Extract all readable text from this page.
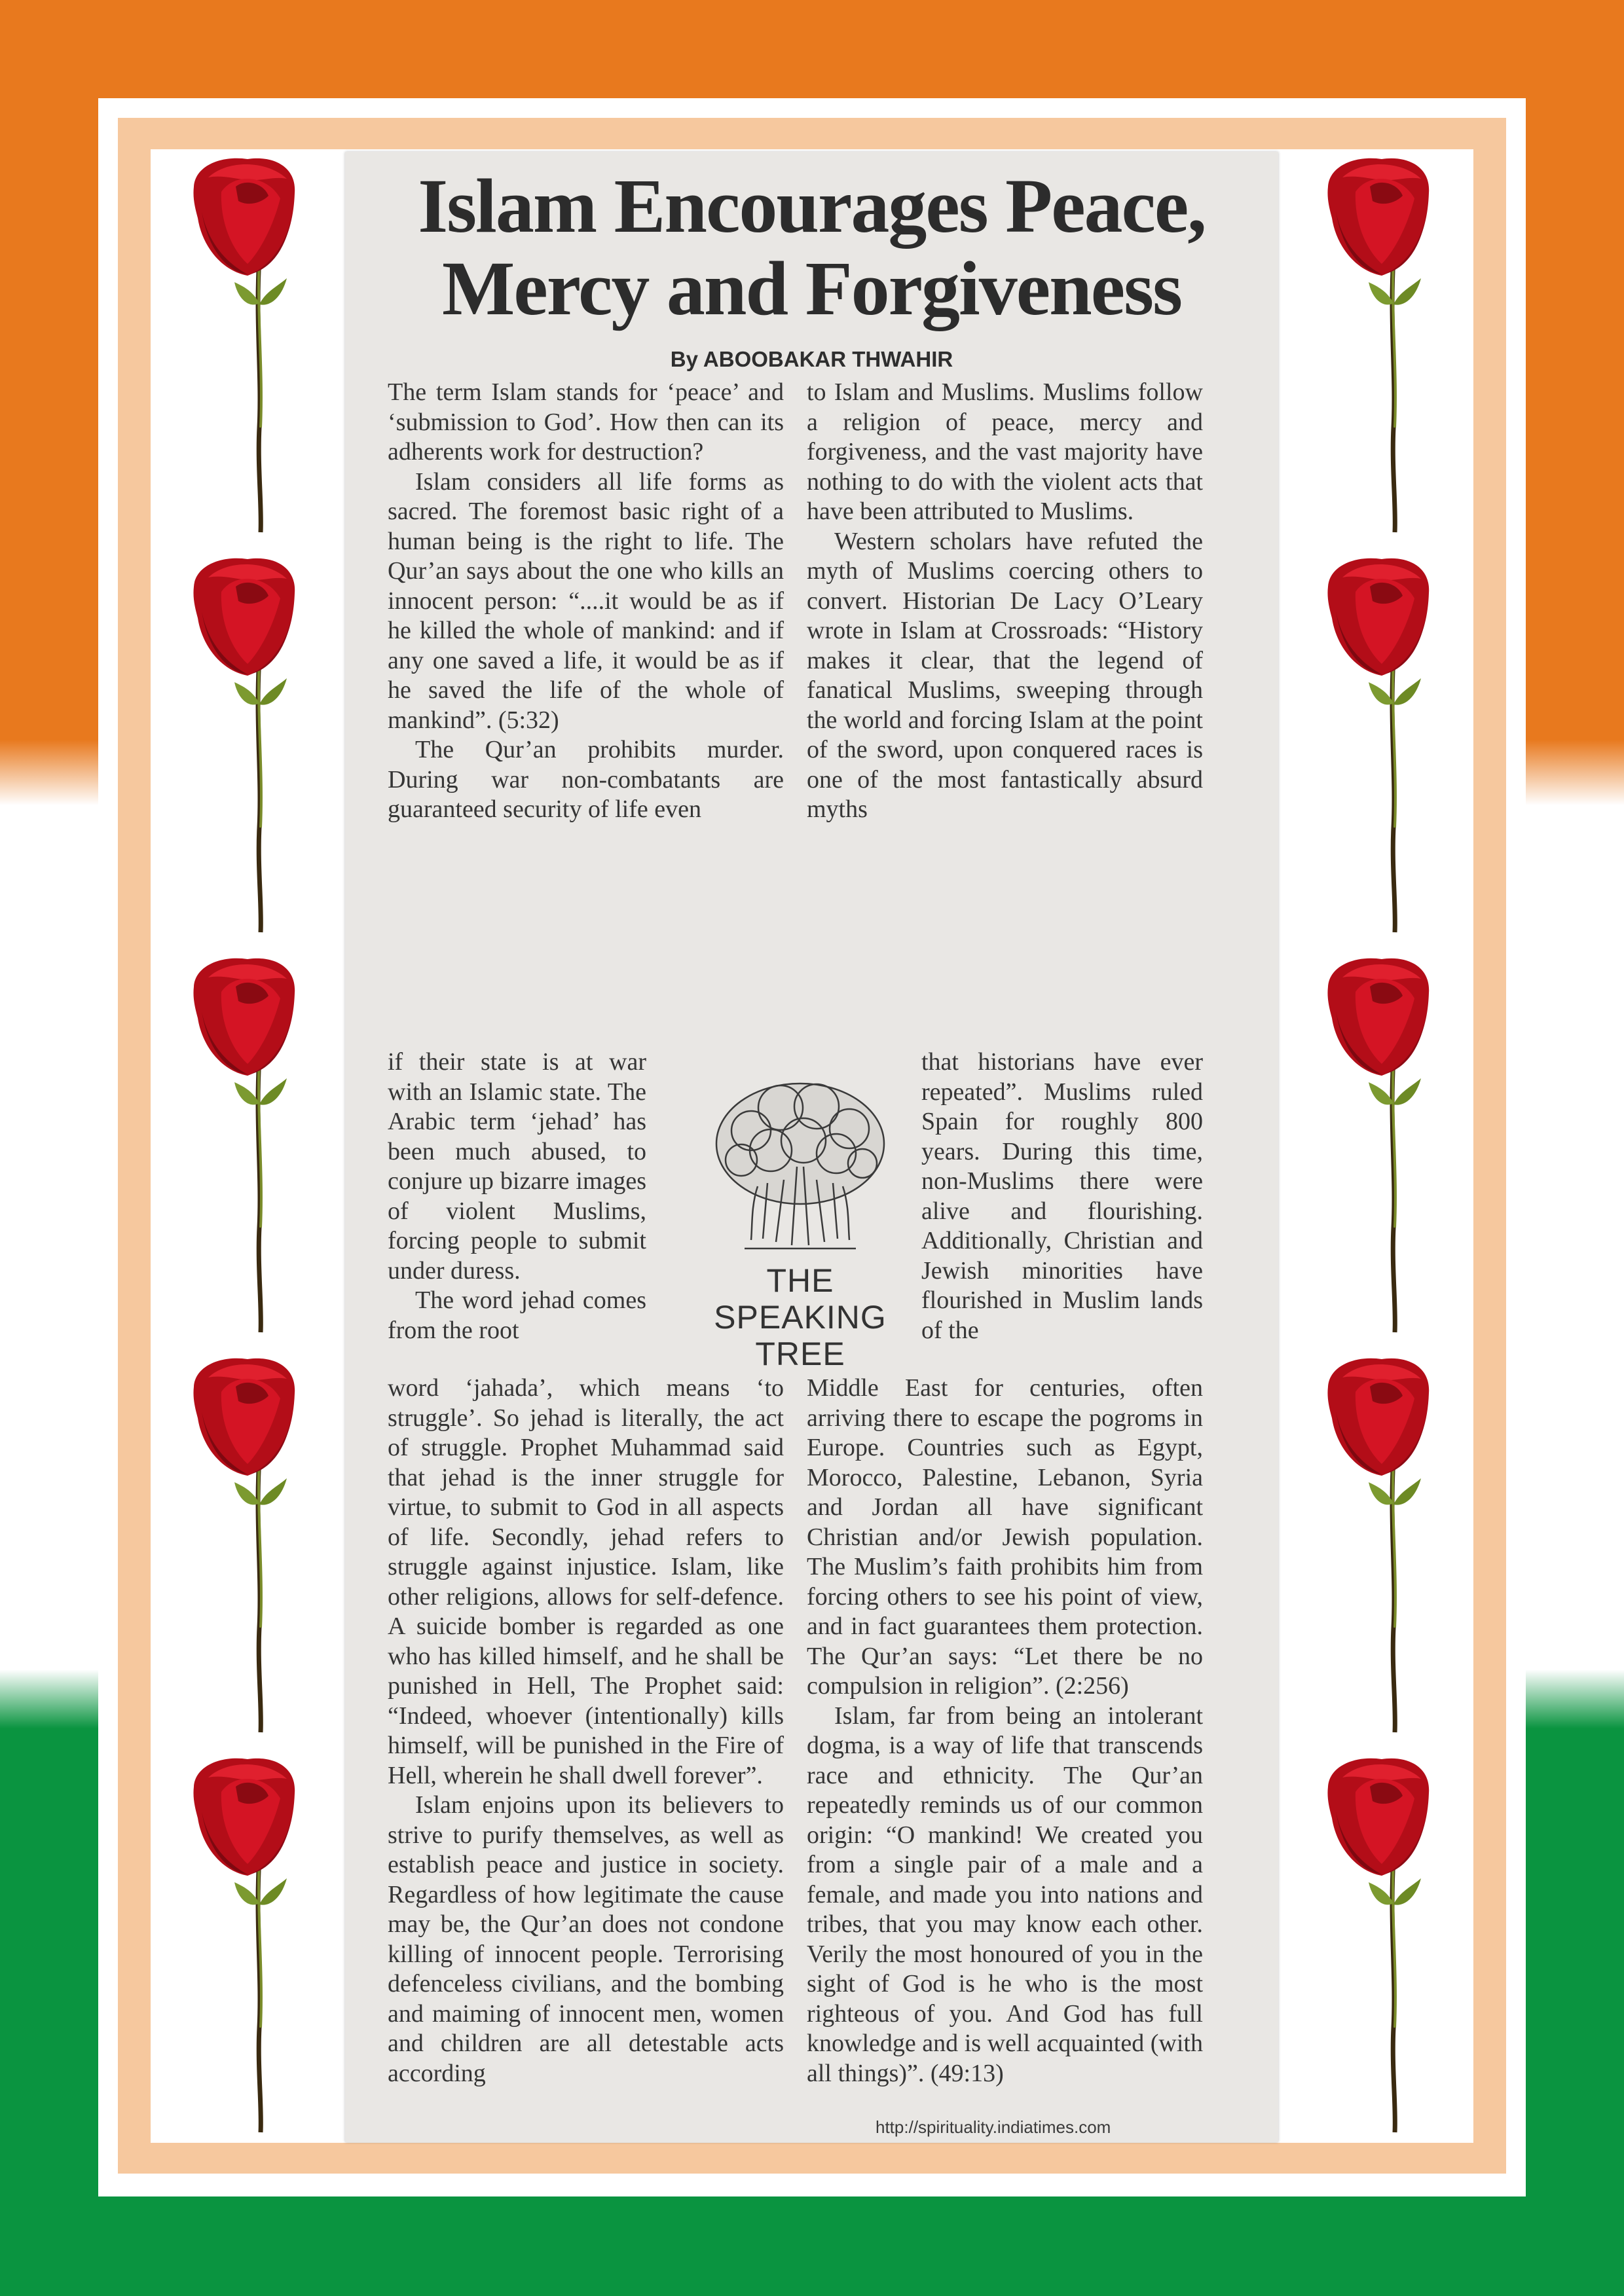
Islam Encourages Peace,
Mercy and Forgiveness
By ABOOBAKAR THWAHIR

The term Islam stands for ‘peace’ and ‘submission to God’. How then can its adherents work for destruction?

Islam considers all life forms as sacred. The foremost basic right of a human being is the right to life. The Qur’an says about the one who kills an innocent person: “....it would be as if he killed the whole of mankind: and if any one saved a life, it would be as if he saved the life of the whole of mankind”. (5:32)

The Qur’an prohibits murder. During war non-combatants are guaranteed security of life even

if their state is at war with an Islamic state. The Arabic term ‘jehad’ has been much abused, to conjure up bizarre images of violent Muslims, forcing people to submit under duress.

The word jehad comes from the root

THE
SPEAKING
TREE

word ‘jahada’, which means ‘to struggle’. So jehad is literally, the act of struggle. Prophet Muhammad said that jehad is the inner struggle for virtue, to submit to God in all aspects of life. Secondly, jehad refers to struggle against injustice. Islam, like other religions, allows for self-defence. A suicide bomber is regarded as one who has killed himself, and he shall be punished in Hell, The Prophet said: “Indeed, whoever (intentionally) kills himself, will be punished in the Fire of Hell, wherein he shall dwell forever”.

Islam enjoins upon its believers to strive to purify themselves, as well as establish peace and justice in society. Regardless of how legitimate the cause may be, the Qur’an does not condone killing of innocent people. Terrorising defenceless civilians, and the bombing and maiming of innocent men, women and children are all detestable acts according

to Islam and Muslims. Muslims follow a religion of peace, mercy and forgiveness, and the vast majority have nothing to do with the violent acts that have been attributed to Muslims.

Western scholars have refuted the myth of Muslims coercing others to convert. Historian De Lacy O’Leary wrote in Islam at Crossroads: “History makes it clear, that the legend of fanatical Muslims, sweeping through the world and forcing Islam at the point of the sword, upon conquered races is one of the most fantastically absurd myths

that historians have ever repeated”. Muslims ruled Spain for roughly 800 years. During this time, non-Muslims there were alive and flourishing. Additionally, Christian and Jewish minorities have flourished in Muslim lands of the

Middle East for centuries, often arriving there to escape the pogroms in Europe. Countries such as Egypt, Morocco, Palestine, Lebanon, Syria and Jordan all have significant Christian and/or Jewish population. The Muslim’s faith prohibits him from forcing others to see his point of view, and in fact guarantees them protection. The Qur’an says: “Let there be no compulsion in religion”. (2:256)

Islam, far from being an intolerant dogma, is a way of life that transcends race and ethnicity. The Qur’an repeatedly reminds us of our common origin: “O mankind! We created you from a single pair of a male and a female, and made you into nations and tribes, that you may know each other. Verily the most honoured of you in the sight of God is he who is the most righteous of you. And God has full knowledge and is well acquainted (with all things)”. (49:13)

http://spirituality.indiatimes.com
